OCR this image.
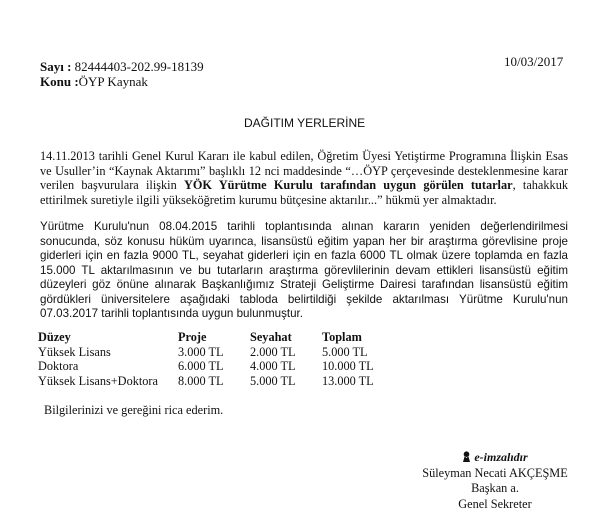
Sayı : 82444403-202.99-18139
Konu :ÖYP Kaynak
10/03/2017
DAĞITIM YERLERİNE
14.11.2013 tarihli Genel Kurul Kararı ile kabul edilen, Öğretim Üyesi Yetiştirme Programına İlişkin Esas ve Usuller’in “Kaynak Aktarımı” başlıklı 12 nci maddesinde “…ÖYP çerçevesinde desteklenmesine karar verilen başvurulara ilişkin YÖK Yürütme Kurulu tarafından uygun görülen tutarlar, tahakkuk ettirilmek suretiyle ilgili yükseköğretim kurumu bütçesine aktarılır...” hükmü yer almaktadır.
Yürütme Kurulu'nun 08.04.2015 tarihli toplantısında alınan kararın yeniden değerlendirilmesi sonucunda, söz konusu hüküm uyarınca, lisansüstü eğitim yapan her bir araştırma görevlisine proje giderleri için en fazla 9000 TL, seyahat giderleri için en fazla 6000 TL olmak üzere toplamda en fazla 15.000 TL aktarılmasının ve bu tutarların araştırma görevlilerinin devam ettikleri lisansüstü eğitim düzeyleri göz önüne alınarak Başkanlığımız Strateji Geliştirme Dairesi tarafından lisansüstü eğitim gördükleri üniversitelere aşağıdaki tabloda belirtildiği şekilde aktarılması Yürütme Kurulu'nun 07.03.2017 tarihli toplantısında uygun bulunmuştur.
Düzey	Proje	Seyahat	Toplam
Yüksek Lisans	3.000 TL	2.000 TL	5.000 TL
Doktora	6.000 TL	4.000 TL	10.000 TL
Yüksek Lisans+Doktora	8.000 TL	5.000 TL	13.000 TL
Bilgilerinizi ve gereğini rica ederim.
e-imzalıdır
Süleyman Necati AKÇEŞME
Başkan a.
Genel Sekreter
